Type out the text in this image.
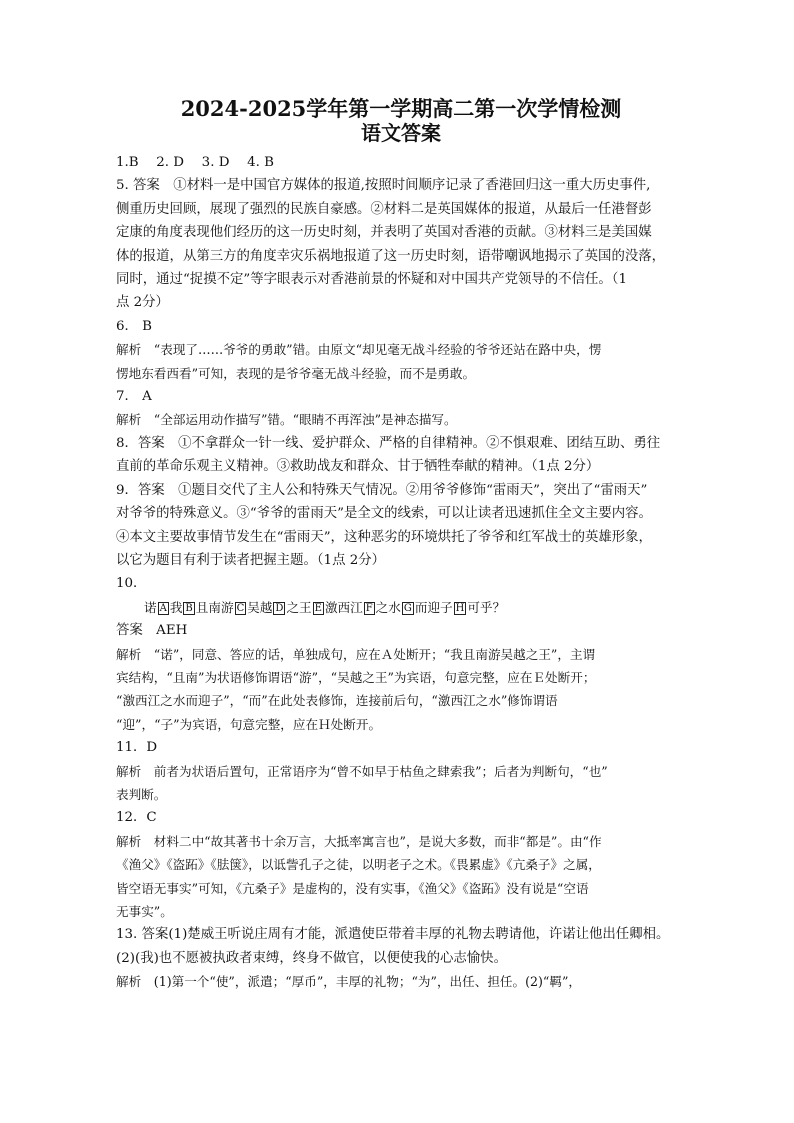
2024-2025学年第一学期高二第一次学情检测

语文答案

1.B　 2. D　 3. D　 4. B

5. 答案　①材料一是中国官方媒体的报道,按照时间顺序记录了香港回归这一重大历史事件,

侧重历史回顾，展现了强烈的民族自豪感。②材料二是英国媒体的报道，从最后一任港督彭

定康的角度表现他们经历的这一历史时刻，并表明了英国对香港的贡献。③材料三是美国媒

体的报道，从第三方的角度幸灾乐祸地报道了这一历史时刻，语带嘲讽地揭示了英国的没落，

同时，通过“捉摸不定”等字眼表示对香港前景的怀疑和对中国共产党领导的不信任。（1

点 2分）

6． B

解析　“表现了……爷爷的勇敢”错。由原文“却见毫无战斗经验的爷爷还站在路中央，愣

愣地东看西看”可知，表现的是爷爷毫无战斗经验，而不是勇敢。

7． A

解析　“全部运用动作描写”错。“眼睛不再浑浊”是神态描写。

8．答案　①不拿群众一针一线、爱护群众、严格的自律精神。②不惧艰难、团结互助、勇往

直前的革命乐观主义精神。③救助战友和群众、甘于牺牲奉献的精神。（1点 2分）

9．答案　①题目交代了主人公和特殊天气情况。②用爷爷修饰“雷雨天”，突出了“雷雨天”

对爷爷的特殊意义。③“爷爷的雷雨天”是全文的线索，可以让读者迅速抓住全文主要内容。

④本文主要故事情节发生在“雷雨天”，这种恶劣的环境烘托了爷爷和红军战士的英雄形象，

以它为题目有利于读者把握主题。（1点 2分）

10．

诺 A 我 B 且南游 C 吴越 D 之王 E 激西江 F 之水 G 而迎子 H 可乎？

答案　AEH

解析　“诺”，同意、答应的话，单独成句，应在Ａ处断开；“我且南游吴越之王”，主谓

宾结构，“且南”为状语修饰谓语“游”，“吴越之王”为宾语，句意完整，应在Ｅ处断开；

“激西江之水而迎子”，“而”在此处表修饰，连接前后句，“激西江之水”修饰谓语

“迎”，“子”为宾语，句意完整，应在Ｈ处断开。

11．D

解析　前者为状语后置句，正常语序为“曾不如早于枯鱼之肆索我”；后者为判断句，“也”

表判断。

12．C

解析　材料二中“故其著书十余万言，大抵率寓言也”，是说大多数，而非“都是”。由“作

《渔父》《盗跖》《胠箧》，以诋訾孔子之徒，以明老子之术。《畏累虚》《亢桑子》之属，

皆空语无事实”可知，《亢桑子》是虚构的，没有实事，《渔父》《盗跖》没有说是“空语

无事实”。

13. 答案(1)楚威王听说庄周有才能，派遣使臣带着丰厚的礼物去聘请他，许诺让他出任卿相。

(2)(我)也不愿被执政者束缚，终身不做官，以便使我的心志愉快。

解析　(1)第一个“使”，派遣；“厚币”，丰厚的礼物；“为”，出任、担任。(2)“羁”，
